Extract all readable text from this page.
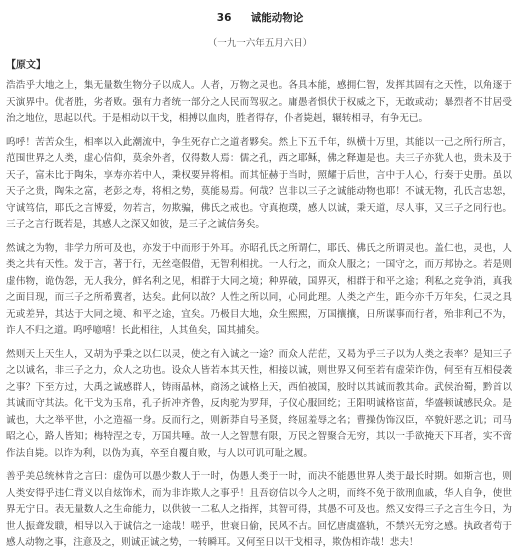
36 诚能动物论
（一九一六年五月六日）
【原文】

浩浩乎大地之上，集无量数生物分子以成人。人者，万物之灵也。各具本能，感拥仁智，发挥其固有之天性，以角逐于天演界中。优者胜，劣者败。强有力者统一部分之人民而驾驭之。庸愚者惧伏于权威之下，无敢或动；暴烈者不甘居受治之地位，思起以代。于是相动以干戈，相搏以血肉，胜者得存，仆者毙赳，辗转相寻，有争无已。

呜呼！苦苦众生，相率以入此潮流中，争生死存亡之道者夥矣。然上下五千年，纵横十万里，其能以一己之所行所言，范围世界之人类，虚心信仰，莫余外者，仅得数人焉：儒之孔，西之耶稣，佛之释迦是也。夫三子亦犹人也，贵未及于天子，富未比于陶朱，享寿亦若中人，秉权要异将相。而其怔赫于当时，照耀于后世，言中于人心，行奏于史册。虽以天子之贵，陶朱之富，老彭之寿，将相之势，莫能易焉。何哉？岂非以三子之诚能动物也耶！不诚无物，孔氏言忠恕，守诚笃信，耶氏之言博爱，勿若言，勿欺骗，佛氏之戒也。守真抱璞，感人以诚，秉天道，尽人事，又三子之同行也。三子之言行既若是，其感人之深又如彼，是三子之诚信务矣。

然诚之为物，非学力所可及也，亦发于中而形于外耳。亦昭孔氏之所谓仁，耶氏、佛氏之所谓灵也。盖仁也，灵也，人类之共有天性。发于言，著于行，无丝毫假借，无智利相扰。一人行之，而众人服之；一国守之，而万邦协之。若是则虚伟物，诡伪怨，无人我分，鲜名利之见，相群于大同之境；种界破，国界灭，相群于和平之途；利私之竞争消，真我之面目现，而三子之所希冀者，达矣。此何以故？人性之所以同，心同此理。人类之产生，距今亦千万年矣，仁灵之具无或差异，其达于大同之境、和平之途，宜矣。乃极目大地，众生熙熙，万国攘攘，日所谋事而行者，殆非利己不为，诈人不归之道。呜呼噫嘻！长此相往，人其鱼矣，国其捕矣。

然则天上天生人，又胡为乎秉之以仁以灵，使之有入诚之一途？而众人茫茫，又曷为乎三子以为人类之表率？是知三子之以诚名，非三子之力，众人之功也。设众人皆若本其天性，相接以诚，则世界又何至若有虚荣诈伪，何至有互相侵袭之事？下至方过，大禹之诚感群人，铸雨晶林，商汤之诚格上天，西伯被国，胶时以其诚而教其命。武侯治蜀，黔首以其诚而守其法。化干戈为玉帛，孔子折冲齐鲁，反肉驼为罗拜，子仪心服回纥；王阳明诚格宦苗，华盛顿诚感民众。是诚也，大之举平世，小之造福一身。反而行之，则新莽自号圣贤，终屈羞辱之名；曹操伪饰汉臣，卒貌奸恶之讥；司马昭之心，路人皆知；梅特涅之专，万国共唾。故一人之智慧有限，万民之智聚合无穷，其以一手欲掩天下耳者，实不啻作法自毙。以诈为利，以伪为真，卒至自覆自败，与人以可讥可耻之履。

善乎美总统林肯之言曰：虚伪可以愚少数人于一时，伪愚人类于一时，而决不能愚世界人类于最长时期。如斯言也，则人类安得乎违仁背义以自炫饰术，而为非诈欺人之事乎！且吾窃信以今人之明，而终不免于欲刑血戚，华人自争，使世界无宁日。表无量数人之生命能力，以供彼一二私人之指挥，其智可得，其愚不可及也。然又安得三子之言生今日，为世人振聋发聩，相导以入于诚信之一途哉！嗟乎，世衰日偷，民风不古。回忆唐虞盛轨，不禁兴无穷之感。执政者苟于感人动物之事，注意及之，则诚正诚之势，一转瞬耳。又何至日以干戈相寻，欺伪相诈哉！悲夫！
